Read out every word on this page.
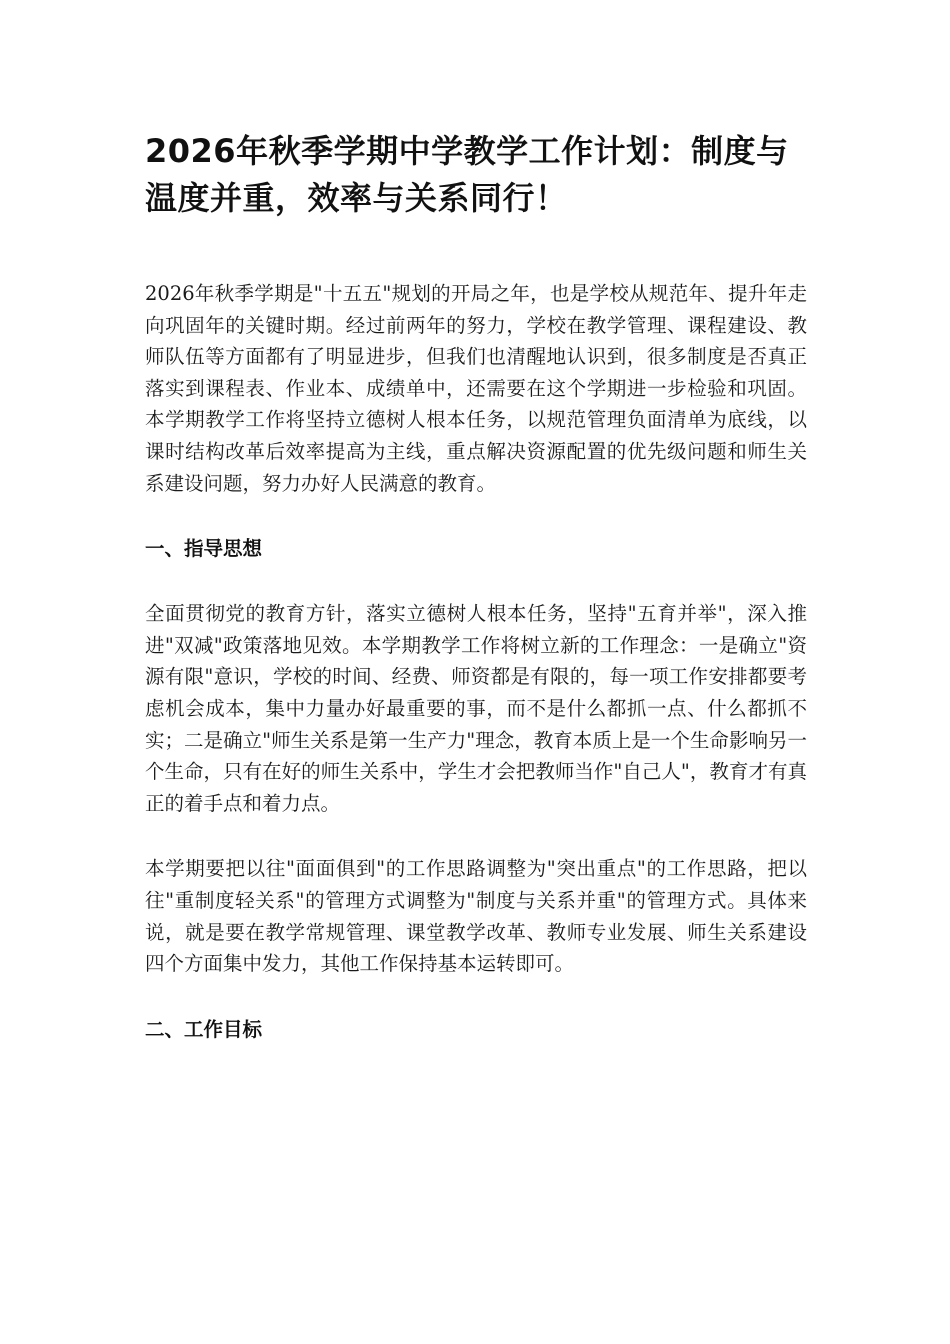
2026年秋季学期中学教学工作计划：制度与温度并重，效率与关系同行！

2026年秋季学期是"十五五"规划的开局之年，也是学校从规范年、提升年走向巩固年的关键时期。经过前两年的努力，学校在教学管理、课程建设、教师队伍等方面都有了明显进步，但我们也清醒地认识到，很多制度是否真正落实到课程表、作业本、成绩单中，还需要在这个学期进一步检验和巩固。本学期教学工作将坚持立德树人根本任务，以规范管理负面清单为底线，以课时结构改革后效率提高为主线，重点解决资源配置的优先级问题和师生关系建设问题，努力办好人民满意的教育。

一、指导思想

全面贯彻党的教育方针，落实立德树人根本任务，坚持"五育并举"，深入推进"双减"政策落地见效。本学期教学工作将树立新的工作理念：一是确立"资源有限"意识，学校的时间、经费、师资都是有限的，每一项工作安排都要考虑机会成本，集中力量办好最重要的事，而不是什么都抓一点、什么都抓不实；二是确立"师生关系是第一生产力"理念，教育本质上是一个生命影响另一个生命，只有在好的师生关系中，学生才会把教师当作"自己人"，教育才有真正的着手点和着力点。

本学期要把以往"面面俱到"的工作思路调整为"突出重点"的工作思路，把以往"重制度轻关系"的管理方式调整为"制度与关系并重"的管理方式。具体来说，就是要在教学常规管理、课堂教学改革、教师专业发展、师生关系建设四个方面集中发力，其他工作保持基本运转即可。

二、工作目标
